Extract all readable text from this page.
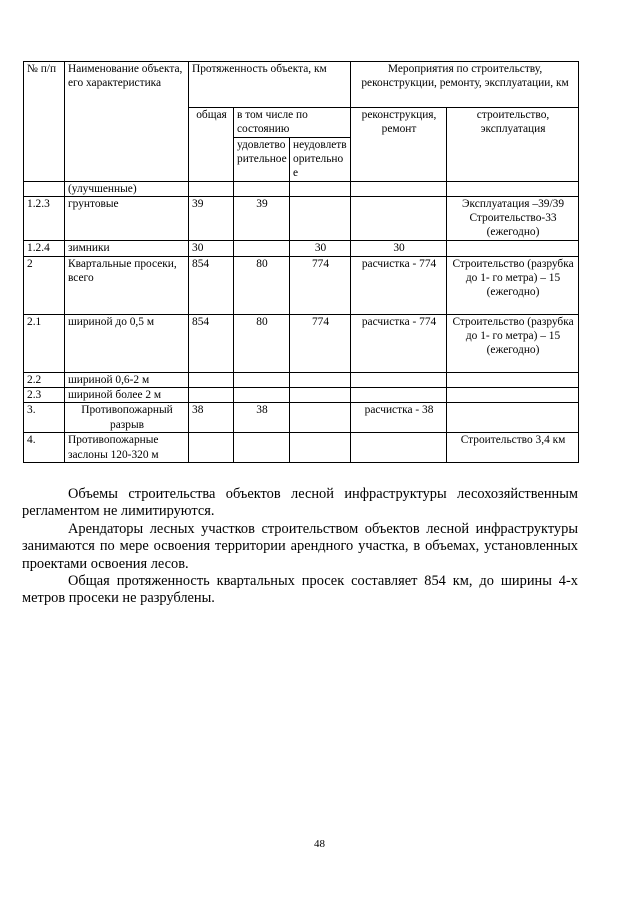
№ п/п	Наименование объекта, его характеристика	Протяженность объекта, км			Мероприятия по строительству, реконструкции, ремонту, эксплуатации, км	
		общая	в том числе по состоянию		реконструкция, ремонт	строительство, эксплуатация
			удовлетворительное	неудовлетворительное		
	(улучшенные)					
1.2.3	грунтовые	39	39			Эксплуатация –39/39 Строительство-33 (ежегодно)
1.2.4	зимники	30		30	30	
2	Квартальные просеки, всего	854	80	774	расчистка - 774	Строительство (разрубка до 1- го метра) – 15 (ежегодно)
2.1	шириной до 0,5 м	854	80	774	расчистка - 774	Строительство (разрубка до 1- го метра) – 15 (ежегодно)
2.2	шириной 0,6-2 м					
2.3	шириной более 2 м					
3.	Противопожарный разрыв	38	38		расчистка - 38	
4.	Противопожарные заслоны 120-320 м					Строительство 3,4 км

Объемы строительства объектов лесной инфраструктуры лесохозяйственным регламентом не лимитируются.

Арендаторы лесных участков строительством объектов лесной инфраструктуры занимаются по мере освоения территории арендного участка, в объемах, установленных проектами освоения лесов.

Общая протяженность квартальных просек составляет 854 км, до ширины 4-х метров просеки не разрублены.

48
